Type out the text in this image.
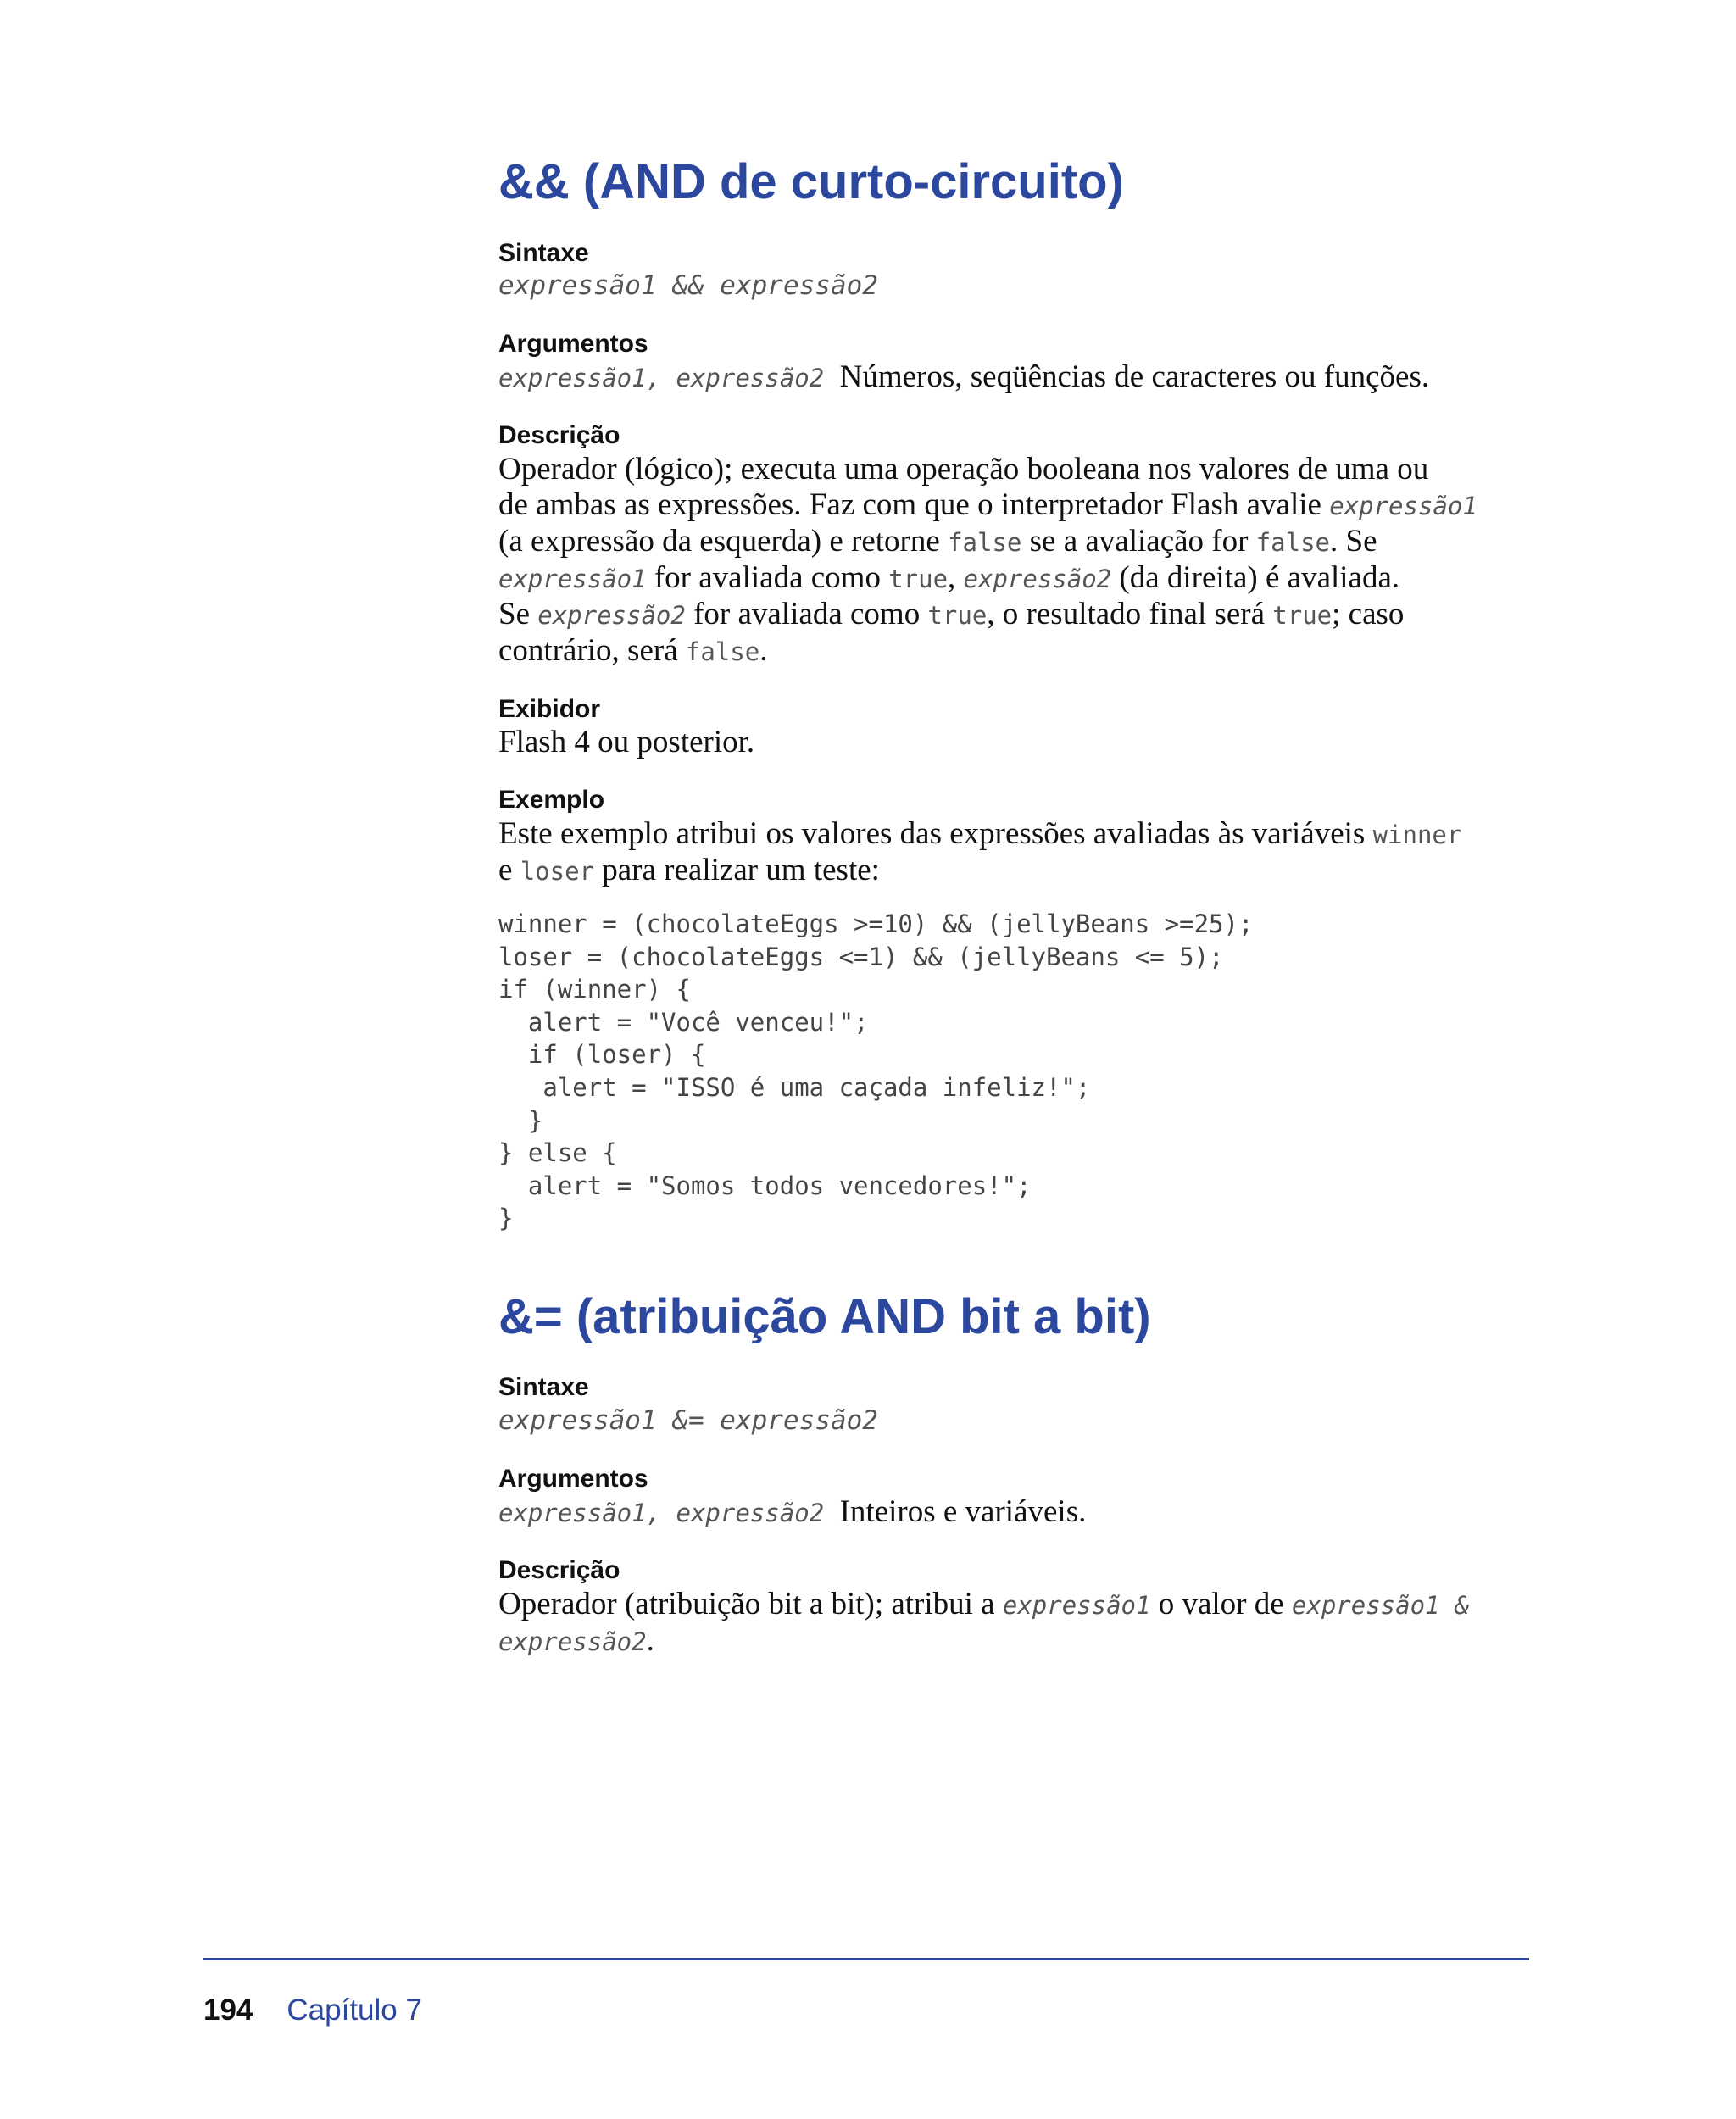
&& (AND de curto-circuito)
Sintaxe
expressão1 && expressão2
Argumentos
expressão1, expressão2 Números, seqüências de caracteres ou funções.
Descrição
Operador (lógico); executa uma operação booleana nos valores de uma ou
de ambas as expressões. Faz com que o interpretador Flash avalie expressão1
(a expressão da esquerda) e retorne false se a avaliação for false. Se
expressão1 for avaliada como true, expressão2 (da direita) é avaliada.
Se expressão2 for avaliada como true, o resultado final será true; caso
contrário, será false.
Exibidor
Flash 4 ou posterior.
Exemplo
Este exemplo atribui os valores das expressões avaliadas às variáveis winner
e loser para realizar um teste:
winner = (chocolateEggs >=10) && (jellyBeans >=25);
loser = (chocolateEggs <=1) && (jellyBeans <= 5);
if (winner) {
alert = "Você venceu!";
if (loser) {
alert = "ISSO é uma caçada infeliz!";
}
} else {
alert = "Somos todos vencedores!";
}
&= (atribuição AND bit a bit)
Sintaxe
expressão1 &= expressão2
Argumentos
expressão1, expressão2 Inteiros e variáveis.
Descrição
Operador (atribuição bit a bit); atribui a expressão1 o valor de expressão1 &
expressão2.
194 Capítulo 7
